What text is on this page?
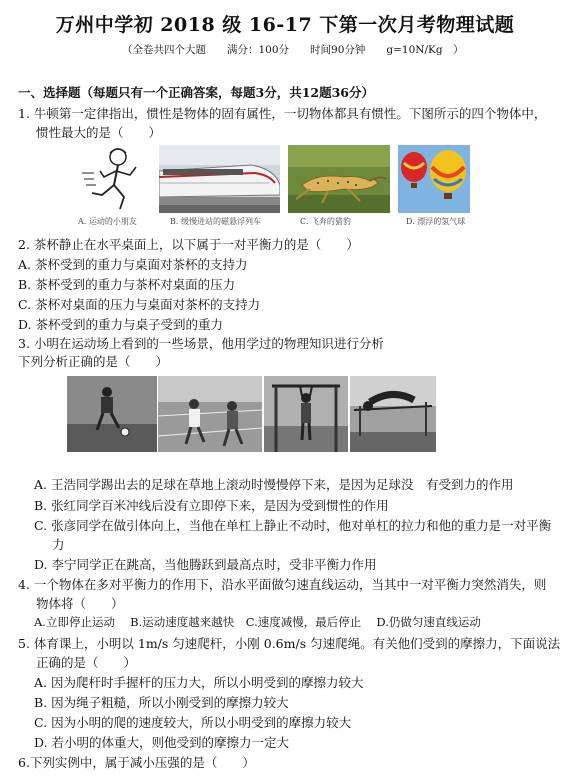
万州中学初 2018 级 16-17 下第一次月考物理试题
（全卷共四个大题　　满分：100分　　时间90分钟　　g=10N/Kg　）
一、选择题（每题只有一个正确答案，每题3分，共12题36分）
1. 牛顿第一定律指出，惯性是物体的固有属性，一切物体都具有惯性。下图所示的四个物体中，
惯性最大的是（　　）
A. 运动的小朋友	B. 缓慢进站的磁悬浮列车	C. 飞奔的猎豹	D. 漂浮的氢气球
2. 茶杯静止在水平桌面上，以下属于一对平衡力的是（　　）
A. 茶杯受到的重力与桌面对茶杯的支持力
B. 茶杯受到的重力与茶杯对桌面的压力
C. 茶杯对桌面的压力与桌面对茶杯的支持力
D. 茶杯受到的重力与桌子受到的重力
3. 小明在运动场上看到的一些场景，他用学过的物理知识进行分析
下列分析正确的是（　　）
A. 王浩同学踢出去的足球在草地上滚动时慢慢停下来，是因为足球没　有受到力的作用
B. 张红同学百米冲线后没有立即停下来，是因为受到惯性的作用
C. 张彦同学在做引体向上，当他在单杠上静止不动时，他对单杠的拉力和他的重力是一对平衡
力
D. 李宁同学正在跳高，当他腾跃到最高点时，受非平衡力作用
4. 一个物体在多对平衡力的作用下，沿水平面做匀速直线运动，当其中一对平衡力突然消失，则
物体将（　　）
A.立即停止运动　 B.运动速度越来越快　C.速度减慢，最后停止　 D.仍做匀速直线运动
5. 体育课上，小明以 1m/s 匀速爬杆，小刚 0.6m/s 匀速爬绳。有关他们受到的摩擦力，下面说法
正确的是（　　）
A. 因为爬杆时手握杆的压力大，所以小明受到的摩擦力较大
B. 因为绳子粗糙，所以小刚受到的摩擦力较大
C. 因为小明的爬的速度较大，所以小明受到的摩擦力较大
D. 若小明的体重大，则他受到的摩擦力一定大
6.下列实例中，属于减小压强的是（　　）
